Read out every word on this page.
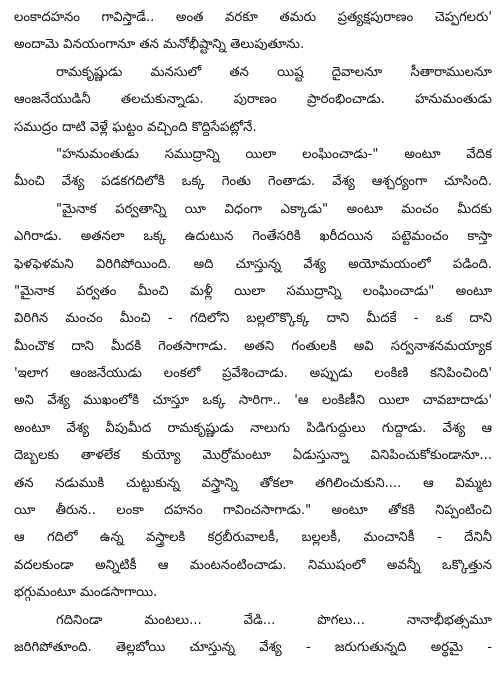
లంకాదహనం గావిస్తాడే.. అంత వరకూ తమరు ప్రత్యక్షపురాణం చెప్పగలరు'
అందామె వినయంగానూ తన మనోభీష్టాన్ని తెలుపుతూను.
రామకృష్ణుడు మనసులో తన యిష్ట దైవాలనూ సీతారాములనూ
ఆంజనేయుడినీ తలచుకున్నాడు. పురాణం ప్రారంభించాడు. హనుమంతుడు
సముద్రం దాటి వెళ్లే ఘట్టం వచ్చింది కొద్దిసేపట్లోనే.
"హనుమంతుడు సముద్రాన్ని యిలా లంఘించాడు-" అంటూ వేదిక
మీంచి వేశ్య పడకగదిలోకి ఒక్క గెంతు గెంతాడు. వేశ్య ఆశ్చర్యంగా చూసింది.
"మైనాక పర్వతాన్ని యీ విధంగా ఎక్కాడు" అంటూ మంచం మీదకు
ఎగిరాడు. అతనలా ఒక్క ఉదుటున గెంతేసరికి ఖరీదయిన పట్టెమంచం కాస్తా
ఫెళఫెళమని విరిగిపోయింది. అది చూస్తున్న వేశ్య అయోమయంలో పడింది.
"మైనాక పర్వతం మీంచి మళ్లీ యిలా సముద్రాన్ని లంఘించాడు" అంటూ
విరిగిన మంచం మీంచి - గదిలోని బల్లలొక్కొక్క దాని మీదకే - ఒక దాని
మీంచొక దాని మీదకి గెంతసాగాడు. అతని గంతులకి అవి సర్వనాశనమయ్యాక
'ఇలాగ ఆంజనేయుడు లంకలో ప్రవేశించాడు. అప్పుడు లంకిణి కనిపించింది'
అని వేశ్య ముఖంలోకి చూస్తూ ఒక్క సారిగా.. 'ఆ లంకిణీని యిలా చావబాదాడు'
అంటూ వేశ్య వీపుమీద రామకృష్ణుడు నాలుగు పిడిగుద్దులు గుద్దాడు. వేశ్య ఆ
దెబ్బలకు తాళలేక కుయ్యో మొర్రోమంటూ ఏడుస్తున్నా వినిపించుకోకుండానూ...
తన నడుముకి చుట్టుకున్న వస్త్రాన్ని తోకలా తగిలించుకుని.... ఆ విమ్మట
యీ తీరున.. లంకా దహనం గావించసాగాడు." అంటూ తోకకి నిప్పంటించి
ఆ గదిలో ఉన్న వస్త్రాలకి కర్రబీరువాలకీ, బల్లలకీ, మంచానికీ - దేనినీ
వదలకుండా అన్నిటికీ ఆ మంటనంటించాడు. నిముషంలో అవన్నీ ఒక్కొత్తున
భగ్గుమంటూ మండసాగాయి.
గదినిండా మంటలు... వేడి... పొగలు... నానాభీభత్సమూ
జరిగిపోతూంది. తెల్లబోయి చూస్తున్న వేశ్య - జరుగుతున్నది అర్థమై -
